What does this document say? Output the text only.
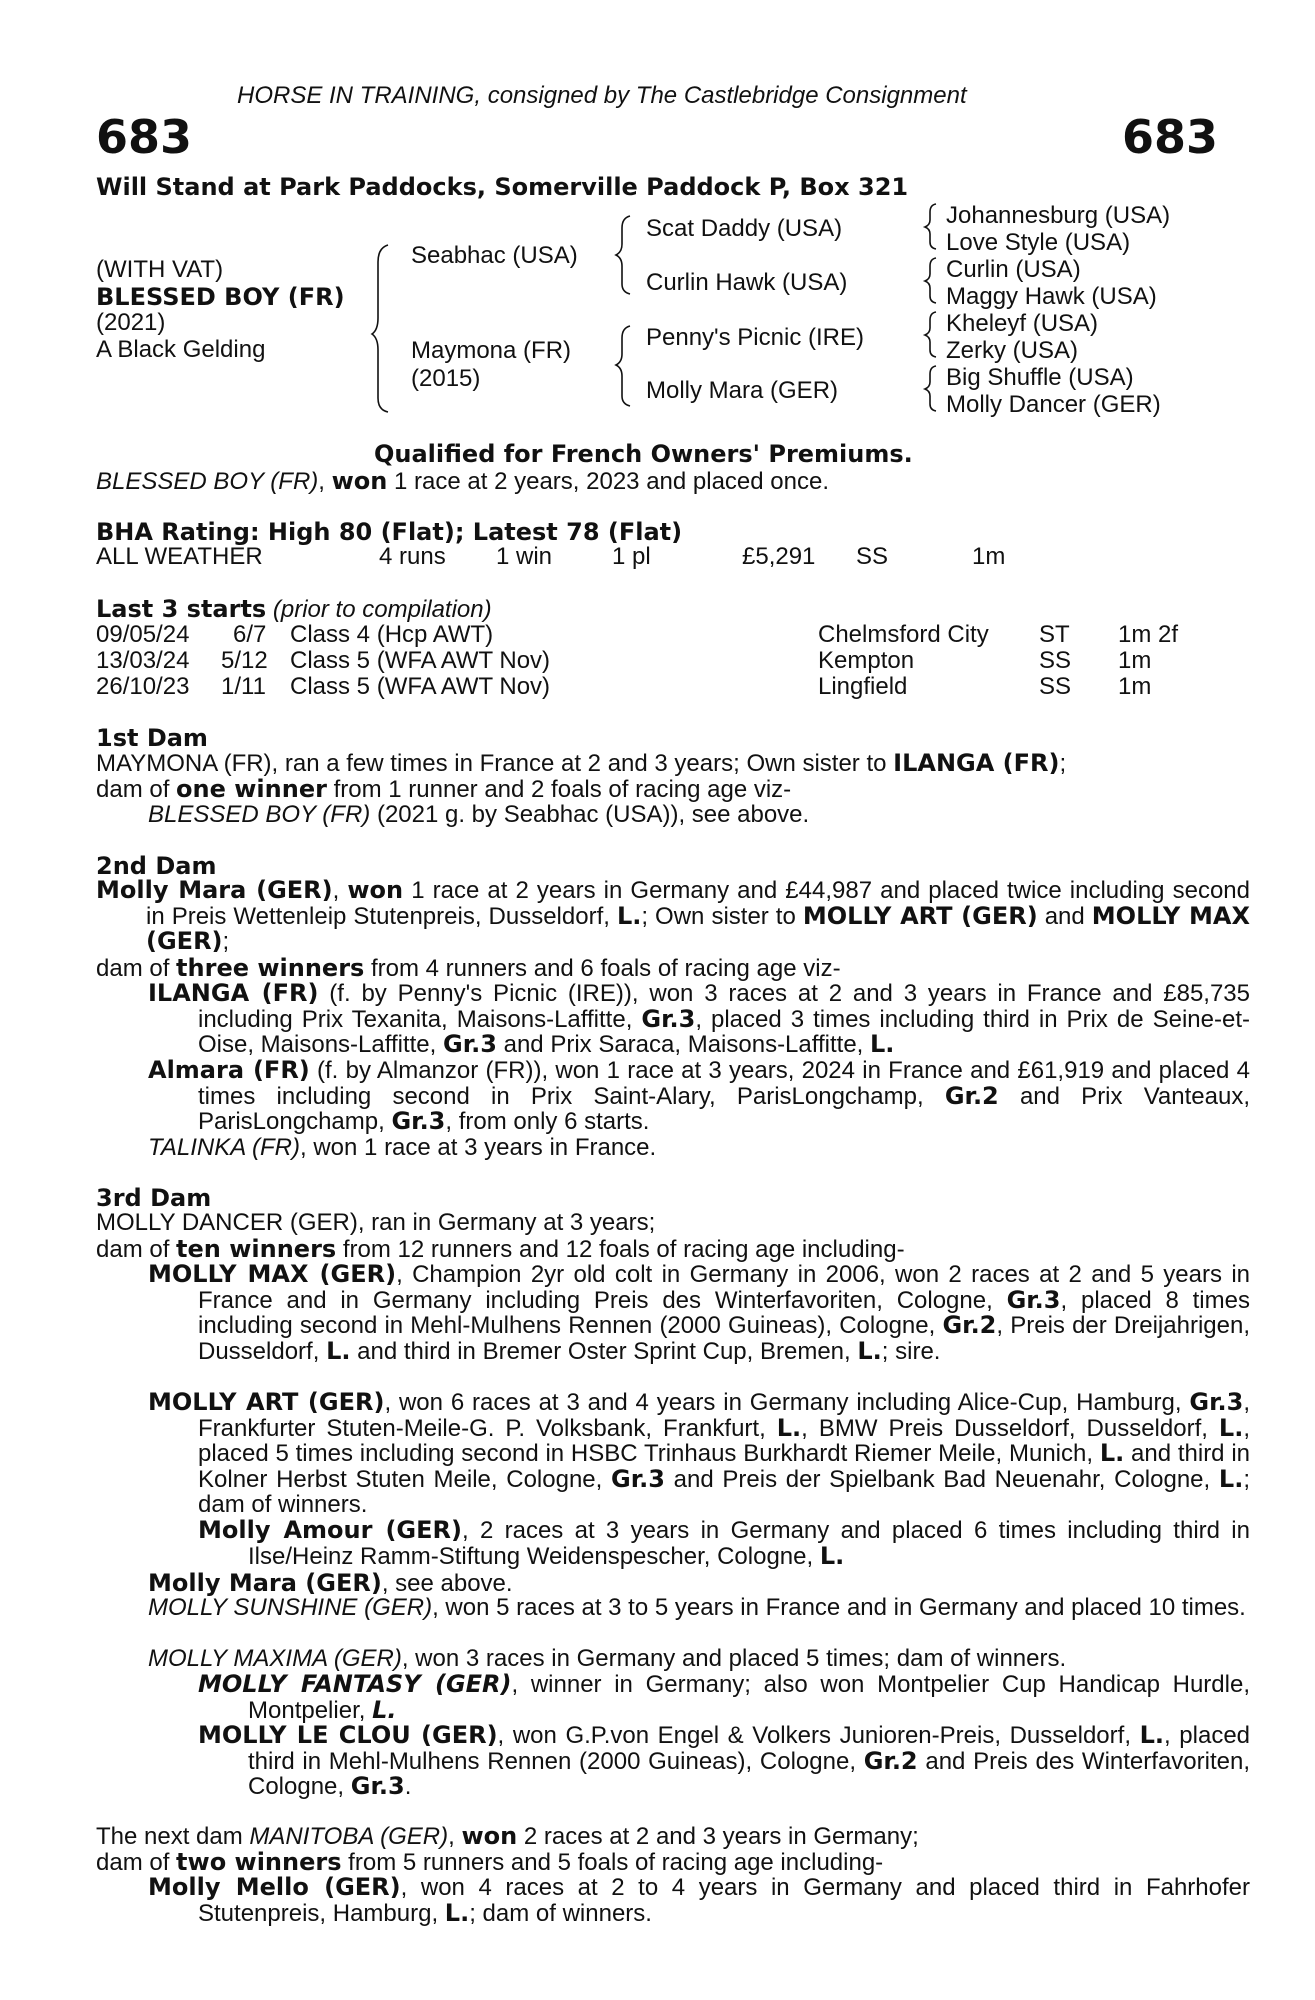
HORSE IN TRAINING, consigned by The Castlebridge Consignment
683	683
Will Stand at Park Paddocks, Somerville Paddock P, Box 321
(WITH VAT)
BLESSED BOY (FR)
(2021)
A Black Gelding
Seabhac (USA)
Maymona (FR)
(2015)
Scat Daddy (USA)
Curlin Hawk (USA)
Penny's Picnic (IRE)
Molly Mara (GER)
Johannesburg (USA)
Love Style (USA)
Curlin (USA)
Maggy Hawk (USA)
Kheleyf (USA)
Zerky (USA)
Big Shuffle (USA)
Molly Dancer (GER)
Qualified for French Owners' Premiums.
BLESSED BOY (FR), won 1 race at 2 years, 2023 and placed once.
BHA Rating: High 80 (Flat); Latest 78 (Flat)
ALL WEATHER	4 runs 1 win 1 pl	£5,291 SS	1m
Last 3 starts (prior to compilation)
09/05/24 6/7 Class 4 (Hcp AWT)	Chelmsford City ST 1m 2f
13/03/24 5/12 Class 5 (WFA AWT Nov)	Kempton	SS 1m
26/10/23 1/11 Class 5 (WFA AWT Nov)	Lingfield	SS 1m
1st Dam
MAYMONA (FR), ran a few times in France at 2 and 3 years; Own sister to ILANGA (FR);
dam of one winner from 1 runner and 2 foals of racing age viz-
BLESSED BOY (FR) (2021 g. by Seabhac (USA)), see above.
2nd Dam

Molly Mara (GER), won 1 race at 2 years in Germany and £44,987 and placed twice including second in Preis Wettenleip Stutenpreis, Dusseldorf, L.; Own sister to MOLLY ART (GER) and MOLLY MAX (GER);

dam of three winners from 4 runners and 6 foals of racing age viz-

ILANGA (FR) (f. by Penny's Picnic (IRE)), won 3 races at 2 and 3 years in France and £85,735 including Prix Texanita, Maisons-Laffitte, Gr.3, placed 3 times including third in Prix de Seine-et-Oise, Maisons-Laffitte, Gr.3 and Prix Saraca, Maisons-Laffitte, L.

Almara (FR) (f. by Almanzor (FR)), won 1 race at 3 years, 2024 in France and £61,919 and placed 4 times including second in Prix Saint-Alary, ParisLongchamp, Gr.2 and Prix Vanteaux, ParisLongchamp, Gr.3, from only 6 starts.

TALINKA (FR), won 1 race at 3 years in France.
3rd Dam
MOLLY DANCER (GER), ran in Germany at 3 years;
dam of ten winners from 12 runners and 12 foals of racing age including-

MOLLY MAX (GER), Champion 2yr old colt in Germany in 2006, won 2 races at 2 and 5 years in France and in Germany including Preis des Winterfavoriten, Cologne, Gr.3, placed 8 times including second in Mehl-Mulhens Rennen (2000 Guineas), Cologne, Gr.2, Preis der Dreijahrigen, Dusseldorf, L. and third in Bremer Oster Sprint Cup, Bremen, L.; sire.

MOLLY ART (GER), won 6 races at 3 and 4 years in Germany including Alice-Cup, Hamburg, Gr.3, Frankfurter Stuten-Meile-G. P. Volksbank, Frankfurt, L., BMW Preis Dusseldorf, Dusseldorf, L., placed 5 times including second in HSBC Trinhaus Burkhardt Riemer Meile, Munich, L. and third in Kolner Herbst Stuten Meile, Cologne, Gr.3 and Preis der Spielbank Bad Neuenahr, Cologne, L.; dam of winners.

Molly Amour (GER), 2 races at 3 years in Germany and placed 6 times including third in Ilse/Heinz Ramm-Stiftung Weidenspescher, Cologne, L.

Molly Mara (GER), see above.

MOLLY SUNSHINE (GER), won 5 races at 3 to 5 years in France and in Germany and placed 10 times.

MOLLY MAXIMA (GER), won 3 races in Germany and placed 5 times; dam of winners.

MOLLY FANTASY (GER), winner in Germany; also won Montpelier Cup Handicap Hurdle, Montpelier, L.

MOLLY LE CLOU (GER), won G.P.von Engel & Volkers Junioren-Preis, Dusseldorf, L., placed third in Mehl-Mulhens Rennen (2000 Guineas), Cologne, Gr.2 and Preis des Winterfavoriten, Cologne, Gr.3.

The next dam MANITOBA (GER), won 2 races at 2 and 3 years in Germany;
dam of two winners from 5 runners and 5 foals of racing age including-

Molly Mello (GER), won 4 races at 2 to 4 years in Germany and placed third in Fahrhofer Stutenpreis, Hamburg, L.; dam of winners.
